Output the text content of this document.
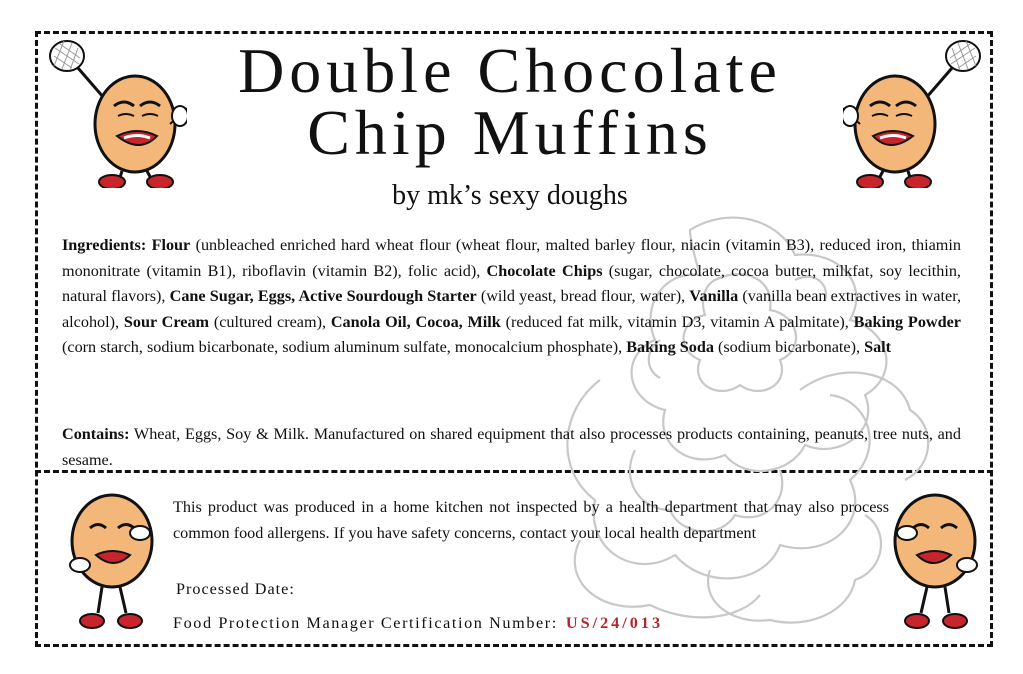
Double Chocolate
Chip Muffins
by mk’s sexy doughs
Ingredients: Flour (unbleached enriched hard wheat flour (wheat flour, malted barley flour, niacin (vitamin B3), reduced iron, thiamin mononitrate (vitamin B1), riboflavin (vitamin B2), folic acid), Chocolate Chips (sugar, chocolate, cocoa butter, milkfat, soy lecithin, natural flavors), Cane Sugar, Eggs, Active Sourdough Starter (wild yeast, bread flour, water), Vanilla (vanilla bean extractives in water, alcohol), Sour Cream (cultured cream), Canola Oil, Cocoa, Milk (reduced fat milk, vitamin D3, vitamin A palmitate), Baking Powder (corn starch, sodium bicarbonate, sodium aluminum sulfate, monocalcium phosphate), Baking Soda (sodium bicarbonate), Salt
Contains: Wheat, Eggs, Soy & Milk. Manufactured on shared equipment that also processes products containing, peanuts, tree nuts, and sesame.
This product was produced in a home kitchen not inspected by a health department that may also process common food allergens. If you have safety concerns, contact your local health department
Processed Date:
Food Protection Manager Certification Number: US/24/013
